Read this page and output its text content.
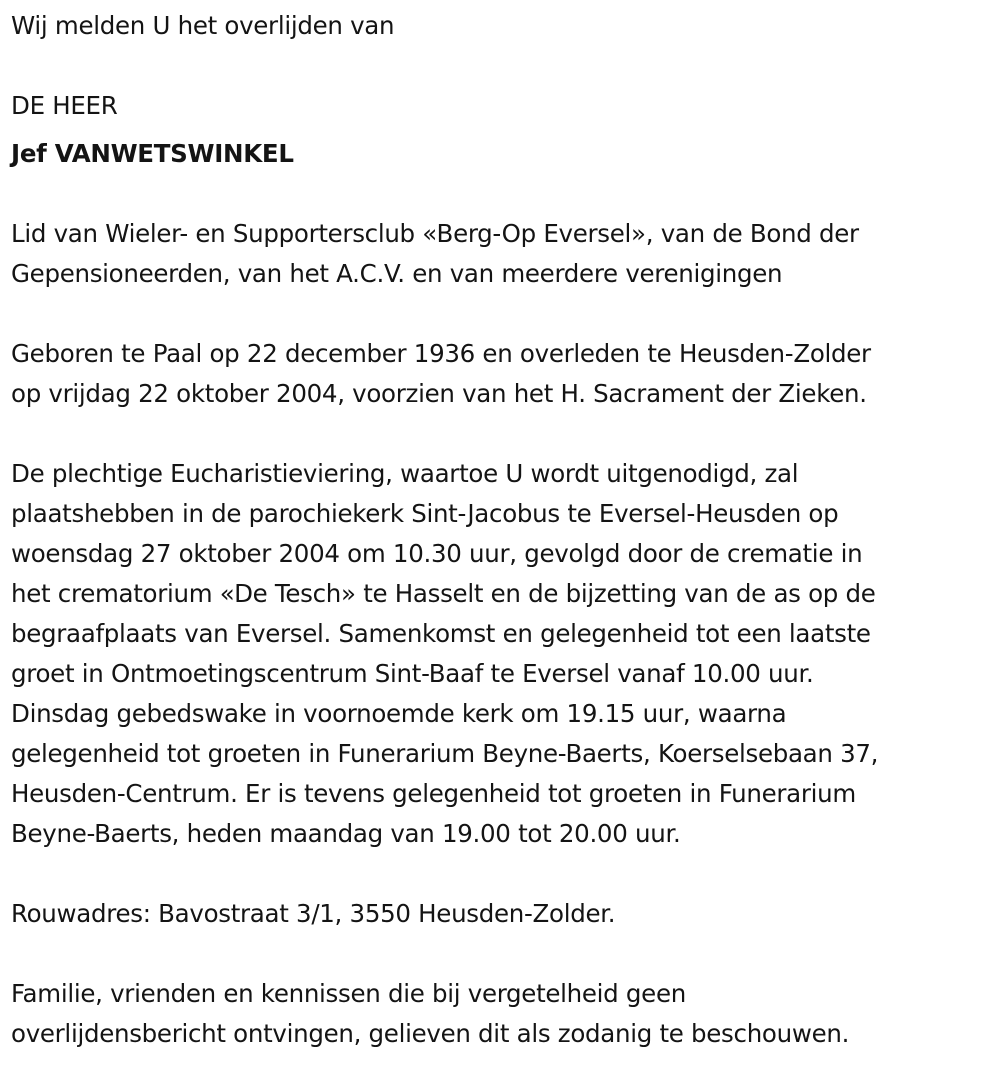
Wij melden U het overlijden van
DE HEER
Jef VANWETSWINKEL
Lid van Wieler- en Supportersclub «Berg-Op Eversel», van de Bond der
Gepensioneerden, van het A.C.V. en van meerdere verenigingen
Geboren te Paal op 22 december 1936 en overleden te Heusden-Zolder
op vrijdag 22 oktober 2004, voorzien van het H. Sacrament der Zieken.
De plechtige Eucharistieviering, waartoe U wordt uitgenodigd, zal
plaatshebben in de parochiekerk Sint-Jacobus te Eversel-Heusden op
woensdag 27 oktober 2004 om 10.30 uur, gevolgd door de crematie in
het crematorium «De Tesch» te Hasselt en de bijzetting van de as op de
begraafplaats van Eversel. Samenkomst en gelegenheid tot een laatste
groet in Ontmoetingscentrum Sint-Baaf te Eversel vanaf 10.00 uur.
Dinsdag gebedswake in voornoemde kerk om 19.15 uur, waarna
gelegenheid tot groeten in Funerarium Beyne-Baerts, Koerselsebaan 37,
Heusden-Centrum. Er is tevens gelegenheid tot groeten in Funerarium
Beyne-Baerts, heden maandag van 19.00 tot 20.00 uur.
Rouwadres: Bavostraat 3/1, 3550 Heusden-Zolder.
Familie, vrienden en kennissen die bij vergetelheid geen
overlijdensbericht ontvingen, gelieven dit als zodanig te beschouwen.
